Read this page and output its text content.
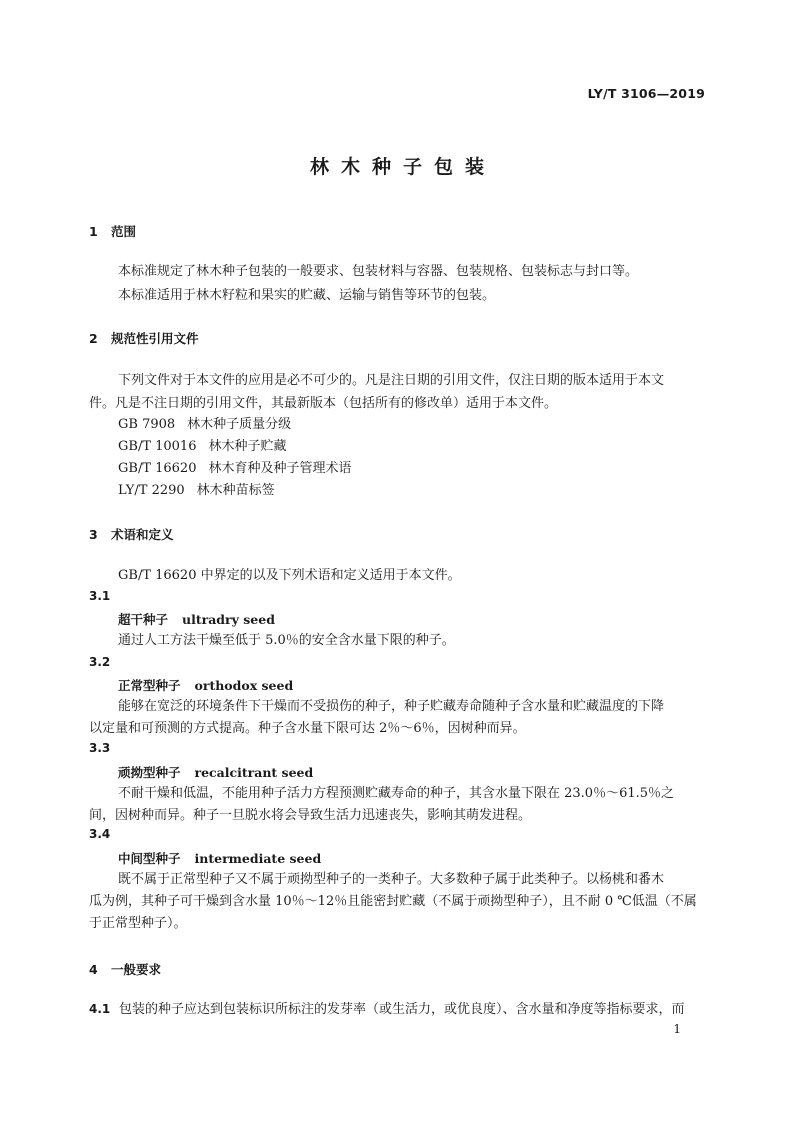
LY/T 3106—2019
林木种子包装
1 范围
本标准规定了林木种子包装的一般要求、包装材料与容器、包装规格、包装标志与封口等。
本标准适用于林木籽粒和果实的贮藏、运输与销售等环节的包装。
2 规范性引用文件
下列文件对于本文件的应用是必不可少的。凡是注日期的引用文件，仅注日期的版本适用于本文
件。凡是不注日期的引用文件，其最新版本（包括所有的修改单）适用于本文件。
GB 7908 林木种子质量分级
GB/T 10016 林木种子贮藏
GB/T 16620 林木育种及种子管理术语
LY/T 2290 林木种苗标签
3 术语和定义
GB/T 16620 中界定的以及下列术语和定义适用于本文件。
3.1
超干种子 ultradry seed
通过人工方法干燥至低于 5.0％的安全含水量下限的种子。
3.2
正常型种子 orthodox seed
能够在宽泛的环境条件下干燥而不受损伤的种子，种子贮藏寿命随种子含水量和贮藏温度的下降
以定量和可预测的方式提高。种子含水量下限可达 2％～6％，因树种而异。
3.3
顽拗型种子 recalcitrant seed
不耐干燥和低温，不能用种子活力方程预测贮藏寿命的种子，其含水量下限在 23.0％～61.5％之
间，因树种而异。种子一旦脱水将会导致生活力迅速丧失，影响其萌发进程。
3.4
中间型种子 intermediate seed
既不属于正常型种子又不属于顽拗型种子的一类种子。大多数种子属于此类种子。以杨桃和番木
瓜为例，其种子可干燥到含水量 10％～12％且能密封贮藏（不属于顽拗型种子），且不耐 0 ℃低温（不属
于正常型种子）。
4 一般要求
4.1 包装的种子应达到包装标识所标注的发芽率（或生活力，或优良度）、含水量和净度等指标要求，而
1
